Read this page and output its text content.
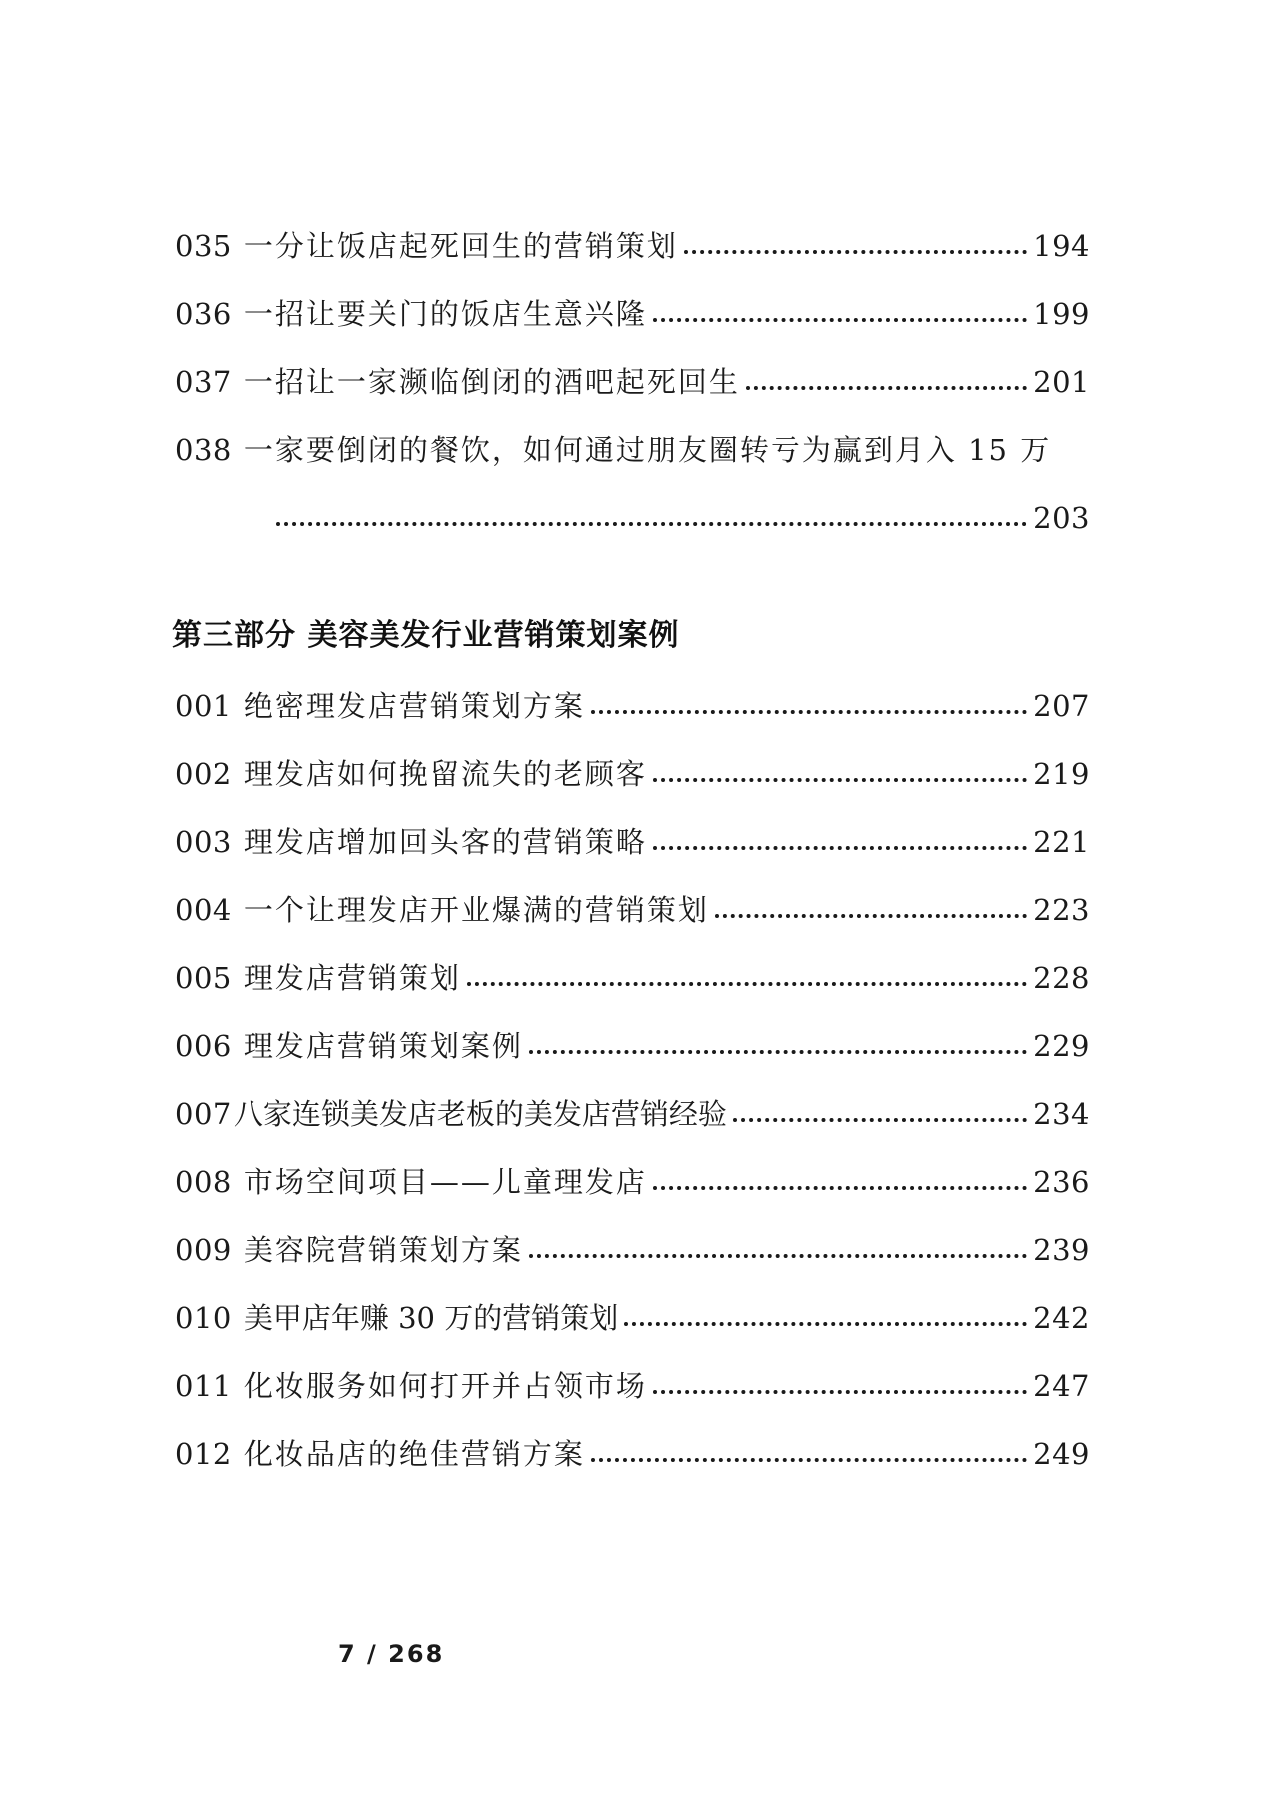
035 一分让饭店起死回生的营销策划	194
036 一招让要关门的饭店生意兴隆	199
037 一招让一家濒临倒闭的酒吧起死回生	201
038 一家要倒闭的餐饮，如何通过朋友圈转亏为赢到月入 15 万
203
第三部分 美容美发行业营销策划案例
001 绝密理发店营销策划方案	207
002 理发店如何挽留流失的老顾客	219
003 理发店增加回头客的营销策略	221
004 一个让理发店开业爆满的营销策划	223
005 理发店营销策划	228
006 理发店营销策划案例	229
007 八家连锁美发店老板的美发店营销经验	234
008 市场空间项目——儿童理发店	236
009 美容院营销策划方案	239
010 美甲店年赚 30 万的营销策划	242
011 化妆服务如何打开并占领市场	247
012 化妆品店的绝佳营销方案	249
7 / 268
